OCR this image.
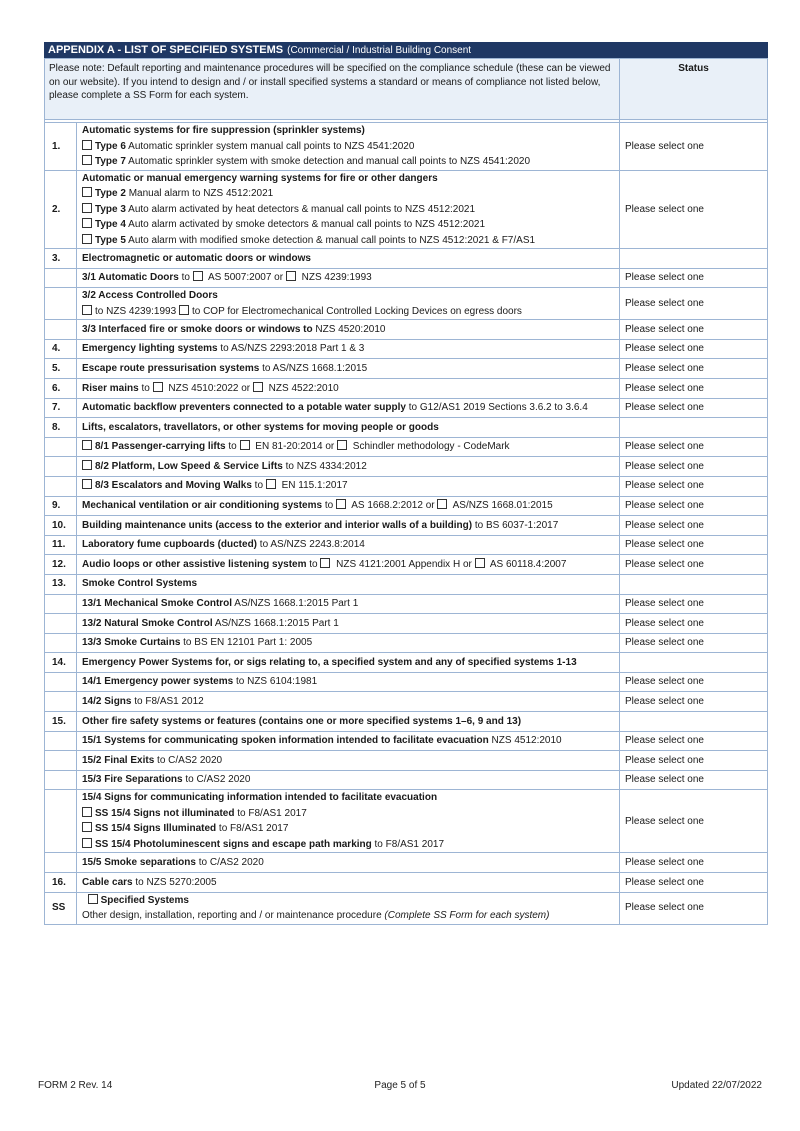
APPENDIX A - LIST OF SPECIFIED SYSTEMS (Commercial / Industrial Building Consent
Please note: Default reporting and maintenance procedures will be specified on the compliance schedule (these can be viewed on our website). If you intend to design and / or install specified systems a standard or means of compliance not listed below, please complete a SS Form for each system.		Status

1.	Automatic systems for fire suppression (sprinkler systems)
Type 6 Automatic sprinkler system manual call points to NZS 4541:2020
Type 7 Automatic sprinkler system with smoke detection and manual call points to NZS 4541:2020	Please select one
2.	Automatic or manual emergency warning systems for fire or other dangers
Type 2 Manual alarm to NZS 4512:2021
Type 3 Auto alarm activated by heat detectors & manual call points to NZS 4512:2021
Type 4 Auto alarm activated by smoke detectors & manual call points to NZS 4512:2021
Type 5 Auto alarm with modified smoke detection & manual call points to NZS 4512:2021 & F7/AS1	Please select one
3.	Electromagnetic or automatic doors or windows	

	3/1 Automatic Doors to  AS 5007:2007 or  NZS 4239:1993	Please select one

	3/2 Access Controlled Doors
to NZS 4239:1993 to COP for Electromechanical Controlled Locking Devices on egress doors	Please select one
	3/3 Interfaced fire or smoke doors or windows to NZS 4520:2010	Please select one
4.	Emergency lighting systems to AS/NZS 2293:2018 Part 1 & 3	Please select one
5.	Escape route pressurisation systems to AS/NZS 1668.1:2015	Please select one
6.	Riser mains to  NZS 4510:2022 or  NZS 4522:2010	Please select one
7.	Automatic backflow preventers connected to a potable water supply to G12/AS1 2019 Sections 3.6.2 to 3.6.4	Please select one
8.	Lifts, escalators, travellators, or other systems for moving people or goods	

	8/1 Passenger-carrying lifts to  EN 81-20:2014 or  Schindler methodology - CodeMark	Please select one
	8/2 Platform, Low Speed & Service Lifts to NZS 4334:2012	Please select one
	8/3 Escalators and Moving Walks to  EN 115.1:2017	Please select one
9.	Mechanical ventilation or air conditioning systems to  AS 1668.2:2012 or  AS/NZS 1668.01:2015	Please select one
10.	Building maintenance units (access to the exterior and interior walls of a building) to BS 6037-1:2017	Please select one
11.	Laboratory fume cupboards (ducted) to AS/NZS 2243.8:2014	Please select one
12.	Audio loops or other assistive listening system to  NZS 4121:2001 Appendix H or  AS 60118.4:2007	Please select one
13.	Smoke Control Systems	

	13/1 Mechanical Smoke Control AS/NZS 1668.1:2015 Part 1	Please select one
	13/2 Natural Smoke Control AS/NZS 1668.1:2015 Part 1	Please select one
	13/3 Smoke Curtains to BS EN 12101 Part 1: 2005	Please select one
14.	Emergency Power Systems for, or sigs relating to, a specified system and any of specified systems 1-13	

	14/1 Emergency power systems to NZS 6104:1981	Please select one
	14/2 Signs to F8/AS1 2012	Please select one
15.	Other fire safety systems or features (contains one or more specified systems 1–6, 9 and 13)	

	15/1 Systems for communicating spoken information intended to facilitate evacuation NZS 4512:2010	Please select one
	15/2 Final Exits to C/AS2 2020	Please select one
	15/3 Fire Separations to C/AS2 2020	Please select one

	15/4 Signs for communicating information intended to facilitate evacuation
SS 15/4 Signs not illuminated to F8/AS1 2017
SS 15/4 Signs Illuminated to F8/AS1 2017
SS 15/4 Photoluminescent signs and escape path marking to F8/AS1 2017	Please select one
	15/5 Smoke separations to C/AS2 2020	Please select one
16.	Cable cars to NZS 5270:2005	Please select one
SS	Specified Systems
Other design, installation, reporting and / or maintenance procedure (Complete SS Form for each system)	Please select one
FORM 2 Rev. 14	Page 5 of 5	Updated 22/07/2022
